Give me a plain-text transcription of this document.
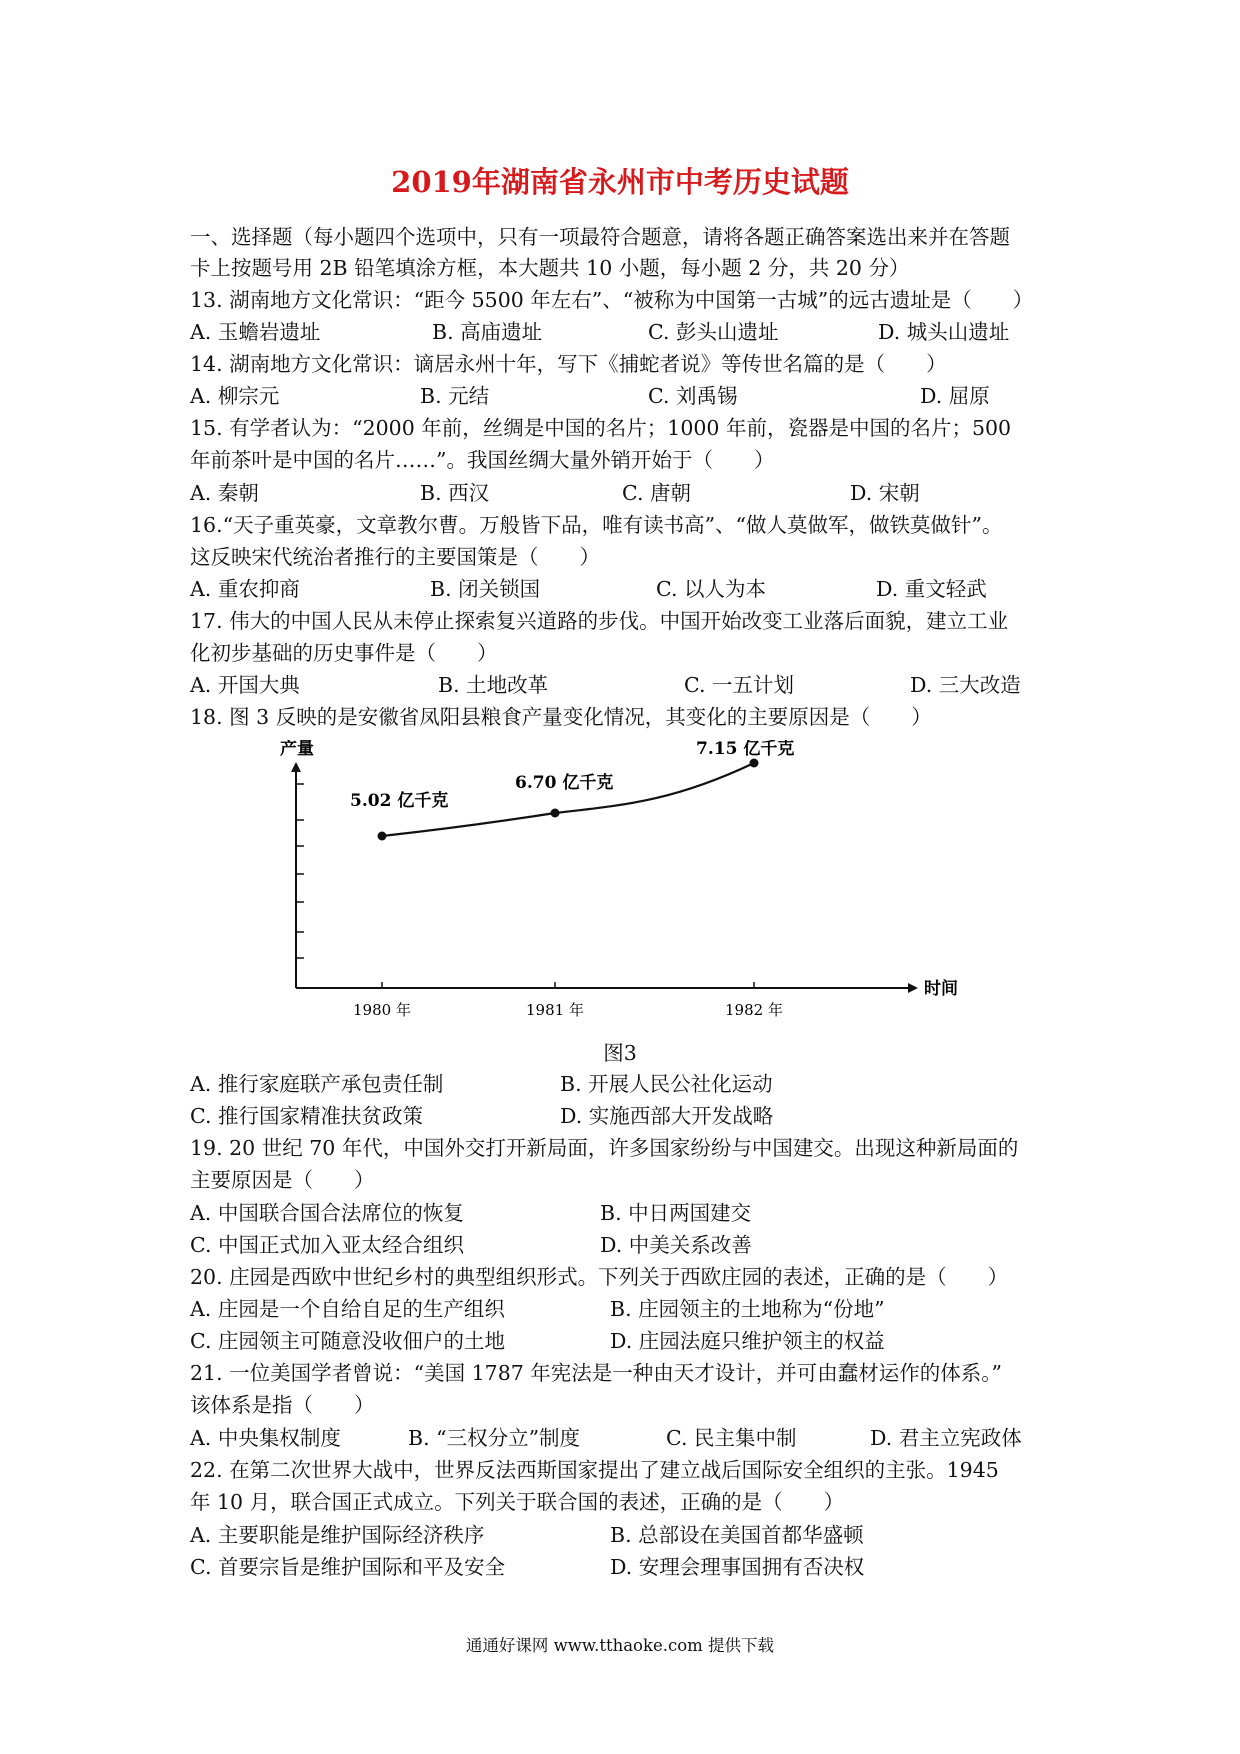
2019年湖南省永州市中考历史试题
一、选择题（每小题四个选项中，只有一项最符合题意，请将各题正确答案选出来并在答题
卡上按题号用 2B 铅笔填涂方框，本大题共 10 小题，每小题 2 分，共 20 分）
13. 湖南地方文化常识：“距今 5500 年左右”、“被称为中国第一古城”的远古遗址是（　　）
A. 玉蟾岩遗址	B. 高庙遗址	C. 彭头山遗址	D. 城头山遗址
14. 湖南地方文化常识：谪居永州十年，写下《捕蛇者说》等传世名篇的是（　　）
A. 柳宗元	B. 元结	C. 刘禹锡	D. 屈原
15. 有学者认为：“2000 年前，丝绸是中国的名片；1000 年前，瓷器是中国的名片；500
年前茶叶是中国的名片……”。我国丝绸大量外销开始于（　　）
A. 秦朝	B. 西汉	C. 唐朝	D. 宋朝
16.“天子重英豪，文章教尔曹。万般皆下品，唯有读书高”、“做人莫做军，做铁莫做针”。
这反映宋代统治者推行的主要国策是（　　）
A. 重农抑商	B. 闭关锁国	C. 以人为本	D. 重文轻武
17. 伟大的中国人民从未停止探索复兴道路的步伐。中国开始改变工业落后面貌，建立工业
化初步基础的历史事件是（　　）
A. 开国大典	B. 土地改革	C. 一五计划	D. 三大改造
18. 图 3 反映的是安徽省凤阳县粮食产量变化情况，其变化的主要原因是（　　）
1980 年	1981 年	1982 年
5.02 亿千克
6.70 亿千克
7.15 亿千克
产量
时间
图3
A. 推行家庭联产承包责任制	B. 开展人民公社化运动
C. 推行国家精准扶贫政策	D. 实施西部大开发战略
19. 20 世纪 70 年代，中国外交打开新局面，许多国家纷纷与中国建交。出现这种新局面的
主要原因是（　　）
A. 中国联合国合法席位的恢复	B. 中日两国建交
C. 中国正式加入亚太经合组织	D. 中美关系改善
20. 庄园是西欧中世纪乡村的典型组织形式。下列关于西欧庄园的表述，正确的是（　　）
A. 庄园是一个自给自足的生产组织	B. 庄园领主的土地称为“份地”
C. 庄园领主可随意没收佃户的土地	D. 庄园法庭只维护领主的权益
21. 一位美国学者曾说：“美国 1787 年宪法是一种由天才设计，并可由蠢材运作的体系。”
该体系是指（　　）
A. 中央集权制度	B. “三权分立”制度	C. 民主集中制	D. 君主立宪政体
22. 在第二次世界大战中，世界反法西斯国家提出了建立战后国际安全组织的主张。1945
年 10 月，联合国正式成立。下列关于联合国的表述，正确的是（　　）
A. 主要职能是维护国际经济秩序	B. 总部设在美国首都华盛顿
C. 首要宗旨是维护国际和平及安全	D. 安理会理事国拥有否决权
通通好课网 www.tthaoke.com 提供下载
